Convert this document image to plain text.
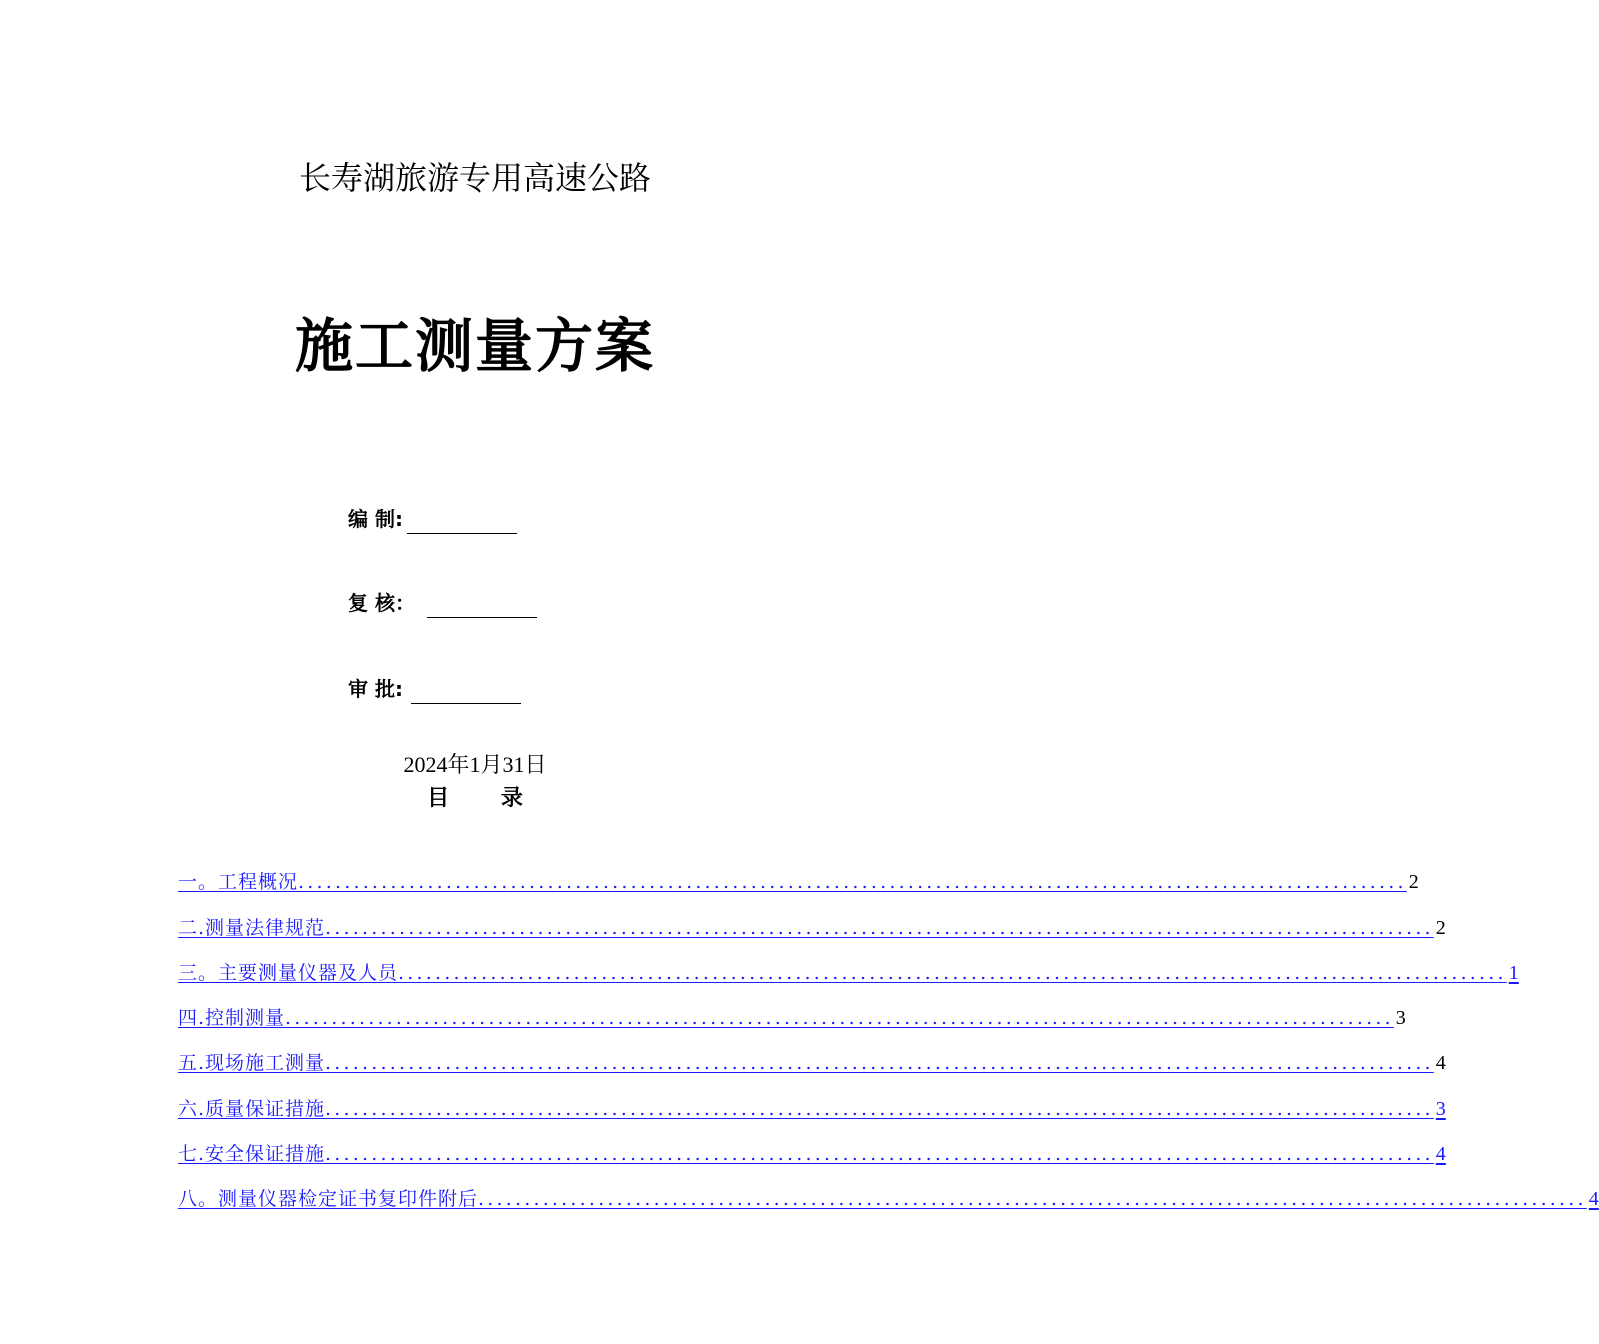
长寿湖旅游专用高速公路
施工测量方案
编 制:
复 核：
审 批:
2024年1月31日
目 录
一。工程概况 ........................................................................................................................ 2
二.测量法律规范 ........................................................................................................................ 2
三。主要测量仪器及人员 ........................................................................................................................ 1
四.控制测量 ........................................................................................................................ 3
五.现场施工测量 ........................................................................................................................ 4
六.质量保证措施 ........................................................................................................................ 3
七.安全保证措施 ........................................................................................................................ 4
八。测量仪器检定证书复印件附后 ........................................................................................................................ 4
